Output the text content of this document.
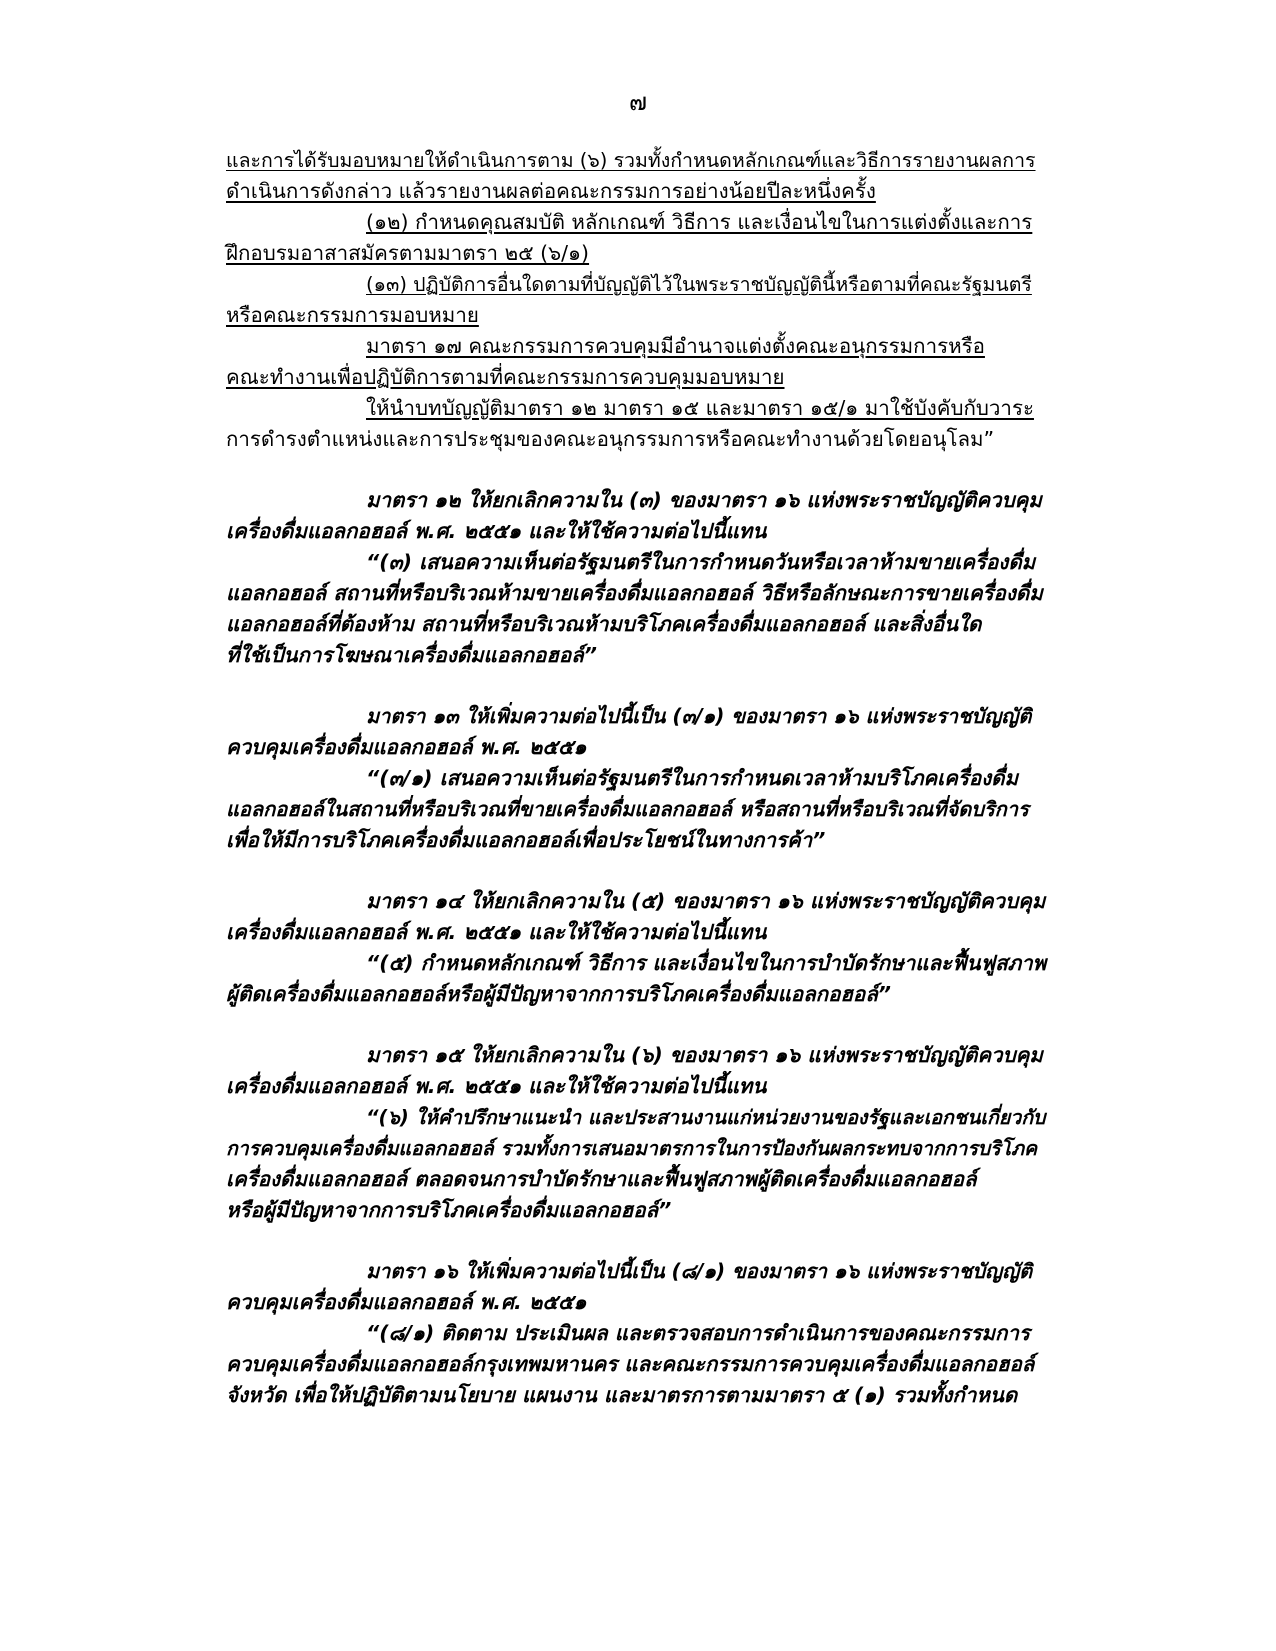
๗
และการได้รับมอบหมายให้ดำเนินการตาม (๖) รวมทั้งกำหนดหลักเกณฑ์และวิธีการรายงานผลการ
ดำเนินการดังกล่าว แล้วรายงานผลต่อคณะกรรมการอย่างน้อยปีละหนึ่งครั้ง
(๑๒) กำหนดคุณสมบัติ หลักเกณฑ์ วิธีการ และเงื่อนไขในการแต่งตั้งและการ
ฝึกอบรมอาสาสมัครตามมาตรา ๒๕ (๖/๑)
(๑๓) ปฏิบัติการอื่นใดตามที่บัญญัติไว้ในพระราชบัญญัตินี้หรือตามที่คณะรัฐมนตรี
หรือคณะกรรมการมอบหมาย
มาตรา ๑๗ คณะกรรมการควบคุมมีอำนาจแต่งตั้งคณะอนุกรรมการหรือ
คณะทำงานเพื่อปฏิบัติการตามที่คณะกรรมการควบคุมมอบหมาย
ให้นำบทบัญญัติมาตรา ๑๒ มาตรา ๑๕ และมาตรา ๑๕/๑ มาใช้บังคับกับวาระ
การดำรงตำแหน่งและการประชุมของคณะอนุกรรมการหรือคณะทำงานด้วยโดยอนุโลม”
มาตรา ๑๒ ให้ยกเลิกความใน (๓) ของมาตรา ๑๖ แห่งพระราชบัญญัติควบคุม
เครื่องดื่มแอลกอฮอล์ พ.ศ. ๒๕๕๑ และให้ใช้ความต่อไปนี้แทน
“(๓) เสนอความเห็นต่อรัฐมนตรีในการกำหนดวันหรือเวลาห้ามขายเครื่องดื่ม
แอลกอฮอล์ สถานที่หรือบริเวณห้ามขายเครื่องดื่มแอลกอฮอล์ วิธีหรือลักษณะการขายเครื่องดื่ม
แอลกอฮอล์ที่ต้องห้าม สถานที่หรือบริเวณห้ามบริโภคเครื่องดื่มแอลกอฮอล์ และสิ่งอื่นใด
ที่ใช้เป็นการโฆษณาเครื่องดื่มแอลกอฮอล์”
มาตรา ๑๓ ให้เพิ่มความต่อไปนี้เป็น (๓/๑) ของมาตรา ๑๖ แห่งพระราชบัญญัติ
ควบคุมเครื่องดื่มแอลกอฮอล์ พ.ศ. ๒๕๕๑
“(๓/๑) เสนอความเห็นต่อรัฐมนตรีในการกำหนดเวลาห้ามบริโภคเครื่องดื่ม
แอลกอฮอล์ในสถานที่หรือบริเวณที่ขายเครื่องดื่มแอลกอฮอล์ หรือสถานที่หรือบริเวณที่จัดบริการ
เพื่อให้มีการบริโภคเครื่องดื่มแอลกอฮอล์เพื่อประโยชน์ในทางการค้า”
มาตรา ๑๔ ให้ยกเลิกความใน (๕) ของมาตรา ๑๖ แห่งพระราชบัญญัติควบคุม
เครื่องดื่มแอลกอฮอล์ พ.ศ. ๒๕๕๑ และให้ใช้ความต่อไปนี้แทน
“(๕) กำหนดหลักเกณฑ์ วิธีการ และเงื่อนไขในการบำบัดรักษาและฟื้นฟูสภาพ
ผู้ติดเครื่องดื่มแอลกอฮอล์หรือผู้มีปัญหาจากการบริโภคเครื่องดื่มแอลกอฮอล์”
มาตรา ๑๕ ให้ยกเลิกความใน (๖) ของมาตรา ๑๖ แห่งพระราชบัญญัติควบคุม
เครื่องดื่มแอลกอฮอล์ พ.ศ. ๒๕๕๑ และให้ใช้ความต่อไปนี้แทน
“(๖) ให้คำปรึกษาแนะนำ และประสานงานแก่หน่วยงานของรัฐและเอกชนเกี่ยวกับ
การควบคุมเครื่องดื่มแอลกอฮอล์ รวมทั้งการเสนอมาตรการในการป้องกันผลกระทบจากการบริโภค
เครื่องดื่มแอลกอฮอล์ ตลอดจนการบำบัดรักษาและฟื้นฟูสภาพผู้ติดเครื่องดื่มแอลกอฮอล์
หรือผู้มีปัญหาจากการบริโภคเครื่องดื่มแอลกอฮอล์”
มาตรา ๑๖ ให้เพิ่มความต่อไปนี้เป็น (๘/๑) ของมาตรา ๑๖ แห่งพระราชบัญญัติ
ควบคุมเครื่องดื่มแอลกอฮอล์ พ.ศ. ๒๕๕๑
“(๘/๑) ติดตาม ประเมินผล และตรวจสอบการดำเนินการของคณะกรรมการ
ควบคุมเครื่องดื่มแอลกอฮอล์กรุงเทพมหานคร และคณะกรรมการควบคุมเครื่องดื่มแอลกอฮอล์
จังหวัด เพื่อให้ปฏิบัติตามนโยบาย แผนงาน และมาตรการตามมาตรา ๕ (๑) รวมทั้งกำหนด
